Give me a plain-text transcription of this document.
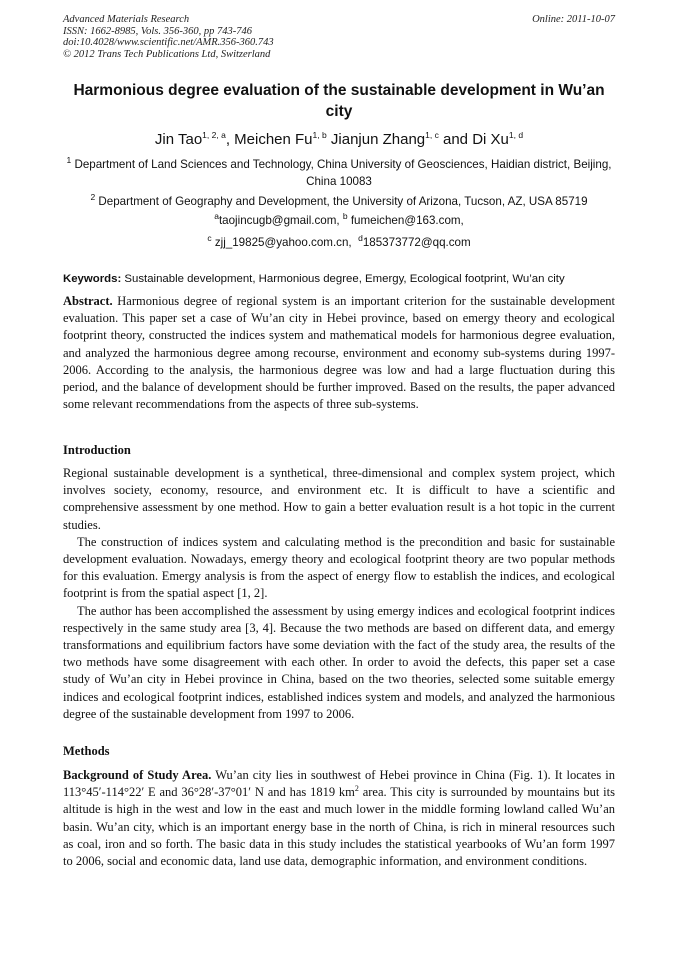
Advanced Materials Research
ISSN: 1662-8985, Vols. 356-360, pp 743-746
doi:10.4028/www.scientific.net/AMR.356-360.743
© 2012 Trans Tech Publications Ltd, Switzerland
Online: 2011-10-07
Harmonious degree evaluation of the sustainable development in Wu’an city
Jin Tao$^{1, 2, a}$, Meichen Fu$^{1, b}$ Jianjun Zhang$^{1, c}$ and Di Xu$^{1, d}$
$^1$ Department of Land Sciences and Technology, China University of Geosciences, Haidian district, Beijing, China 10083
$^2$ Department of Geography and Development, the University of Arizona, Tucson, AZ, USA 85719
$^a$taojincugb@gmail.com, $^b$ fumeichen@163.com,
$^c$ zjj_19825@yahoo.com.cn, $^d$185373772@qq.com
Keywords: Sustainable development, Harmonious degree, Emergy, Ecological footprint, Wu’an city
Abstract. Harmonious degree of regional system is an important criterion for the sustainable development evaluation. This paper set a case of Wu’an city in Hebei province, based on emergy theory and ecological footprint theory, constructed the indices system and mathematical models for harmonious degree evaluation, and analyzed the harmonious degree among recourse, environment and economy sub-systems during 1997-2006. According to the analysis, the harmonious degree was low and had a large fluctuation during this period, and the balance of development should be further improved. Based on the results, the paper advanced some relevant recommendations from the aspects of three sub-systems.
Introduction
Regional sustainable development is a synthetical, three-dimensional and complex system project, which involves society, economy, resource, and environment etc. It is difficult to have a scientific and comprehensive assessment by one method. How to gain a better evaluation result is a hot topic in the current studies.
The construction of indices system and calculating method is the precondition and basic for sustainable development evaluation. Nowadays, emergy theory and ecological footprint theory are two popular methods for this evaluation. Emergy analysis is from the aspect of energy flow to establish the indices, and ecological footprint is from the spatial aspect [1, 2].
The author has been accomplished the assessment by using emergy indices and ecological footprint indices respectively in the same study area [3, 4]. Because the two methods are based on different data, and emergy transformations and equilibrium factors have some deviation with the fact of the study area, the results of the two methods have some disagreement with each other. In order to avoid the defects, this paper set a case study of Wu’an city in Hebei province in China, based on the two theories, selected some suitable emergy indices and ecological footprint indices, established indices system and models, and analyzed the harmonious degree of the sustainable development from 1997 to 2006.
Methods
Background of Study Area. Wu’an city lies in southwest of Hebei province in China (Fig. 1). It locates in 113°45′-114°22′ E and 36°28′-37°01′ N and has 1819 $km^2$ area. This city is surrounded by mountains but its altitude is high in the west and low in the east and much lower in the middle forming lowland called Wu’an basin. Wu’an city, which is an important energy base in the north of China, is rich in mineral resources such as coal, iron and so forth. The basic data in this study includes the statistical yearbooks of Wu’an form 1997 to 2006, social and economic data, land use data, demographic information, and environment conditions.
